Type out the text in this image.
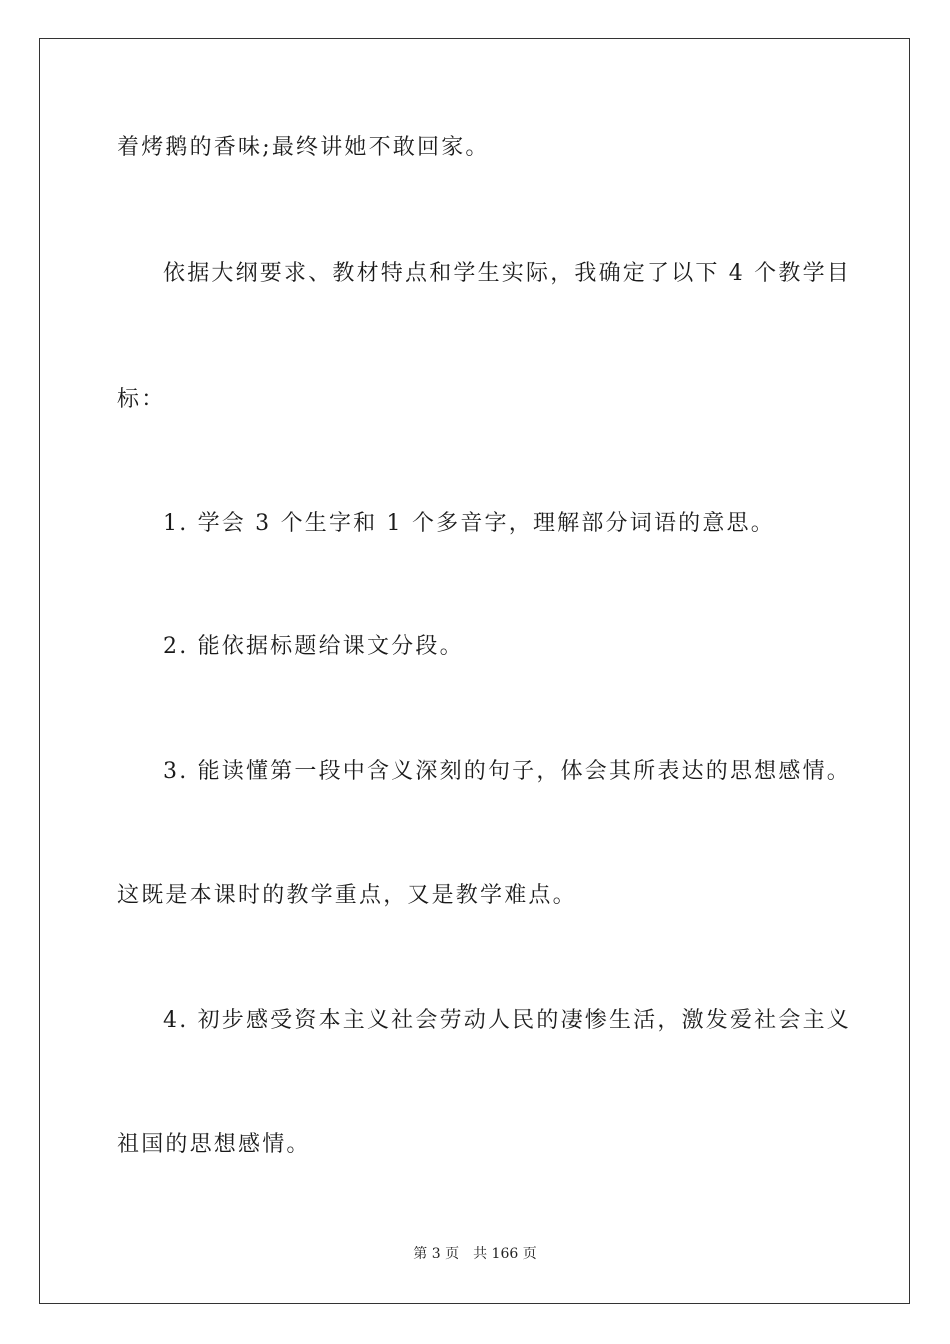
着烤鹅的香味;最终讲她不敢回家。
依据大纲要求、教材特点和学生实际，我确定了以下 4 个教学目
标：
1. 学会 3 个生字和 1 个多音字，理解部分词语的意思。
2. 能依据标题给课文分段。
3. 能读懂第一段中含义深刻的句子，体会其所表达的思想感情。
这既是本课时的教学重点，又是教学难点。
4. 初步感受资本主义社会劳动人民的凄惨生活，激发爱社会主义
祖国的思想感情。
第 3 页 共 166 页
